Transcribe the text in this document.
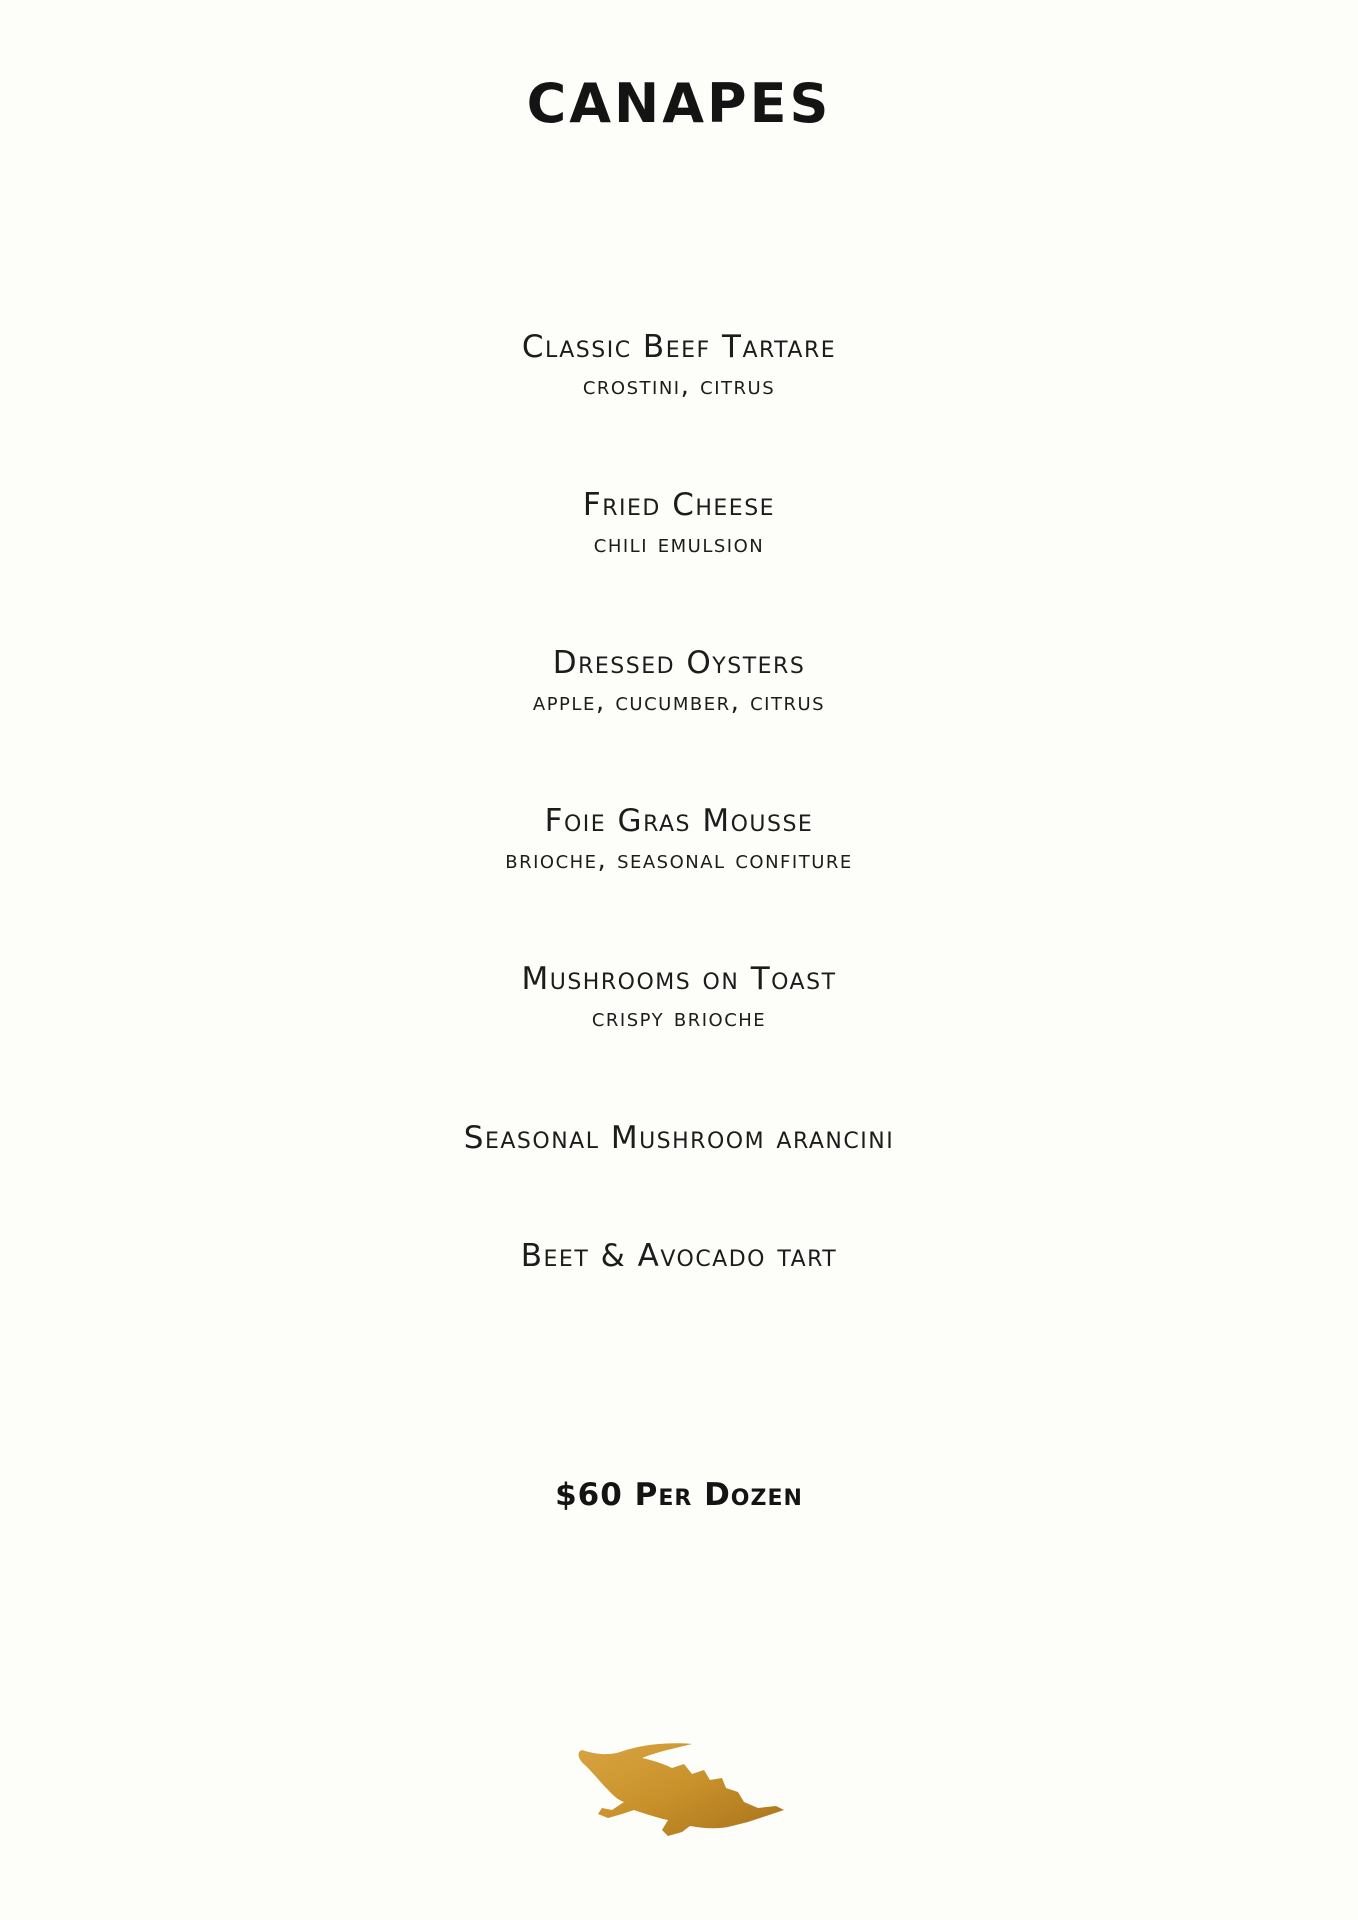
CANAPES
Classic Beef Tartare
crostini, citrus
Fried Cheese
chili emulsion
Dressed Oysters
apple, cucumber, citrus
Foie Gras Mousse
brioche, seasonal confiture
Mushrooms on Toast
crispy brioche
Seasonal Mushroom arancini
Beet & Avocado tart
$60 Per Dozen
